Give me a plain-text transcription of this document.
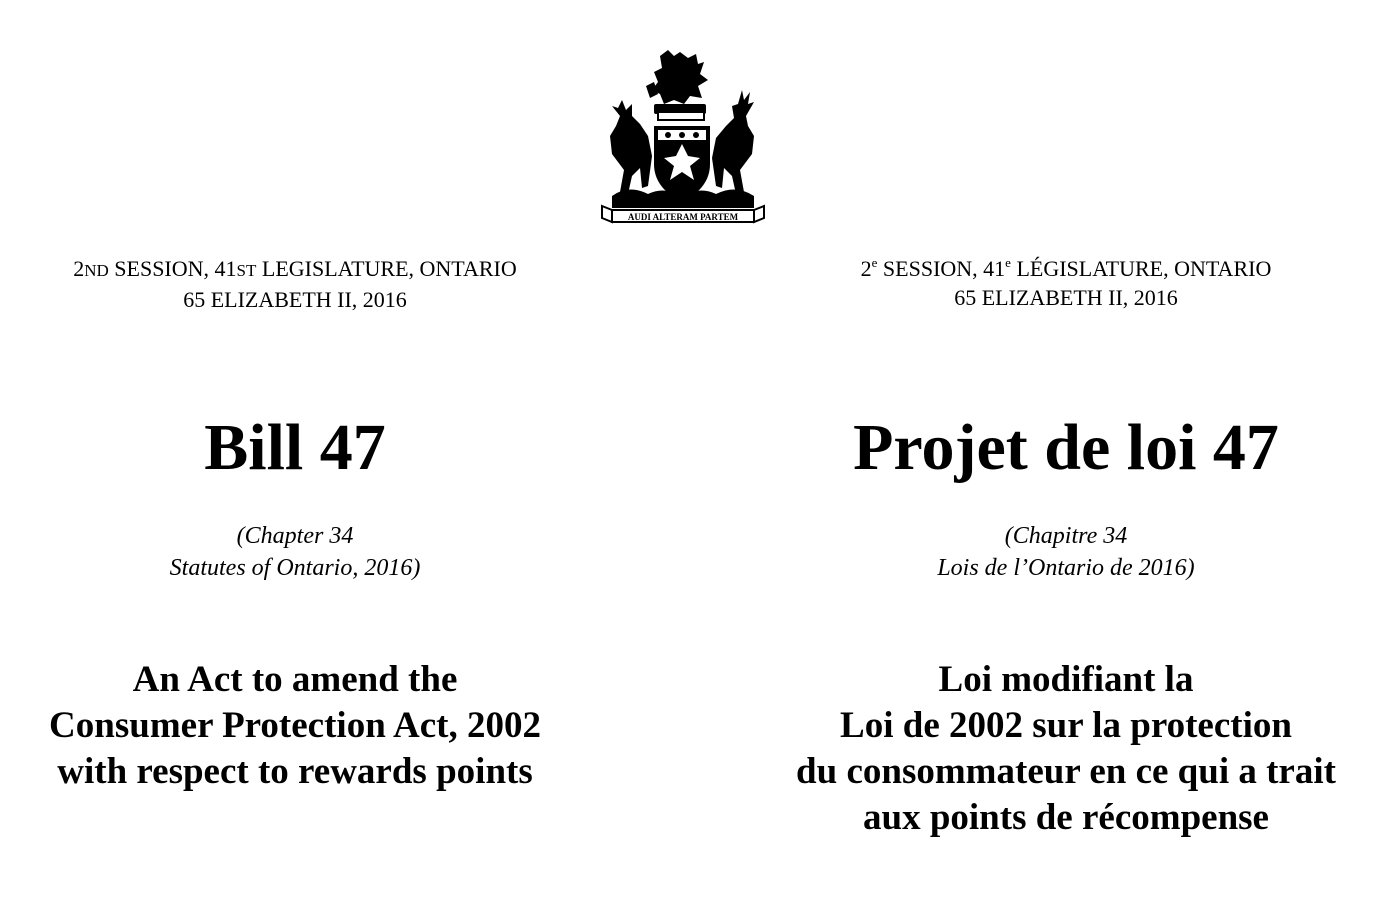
AUDI ALTERAM PARTEM
2ND SESSION, 41ST LEGISLATURE, ONTARIO
65 ELIZABETH II, 2016
Bill 47
(Chapter 34
Statutes of Ontario, 2016)
An Act to amend the
Consumer Protection Act, 2002
with respect to rewards points
2e SESSION, 41e LÉGISLATURE, ONTARIO
65 ELIZABETH II, 2016
Projet de loi 47
(Chapitre 34
Lois de l’Ontario de 2016)
Loi modifiant la
Loi de 2002 sur la protection
du consommateur en ce qui a trait
aux points de récompense
